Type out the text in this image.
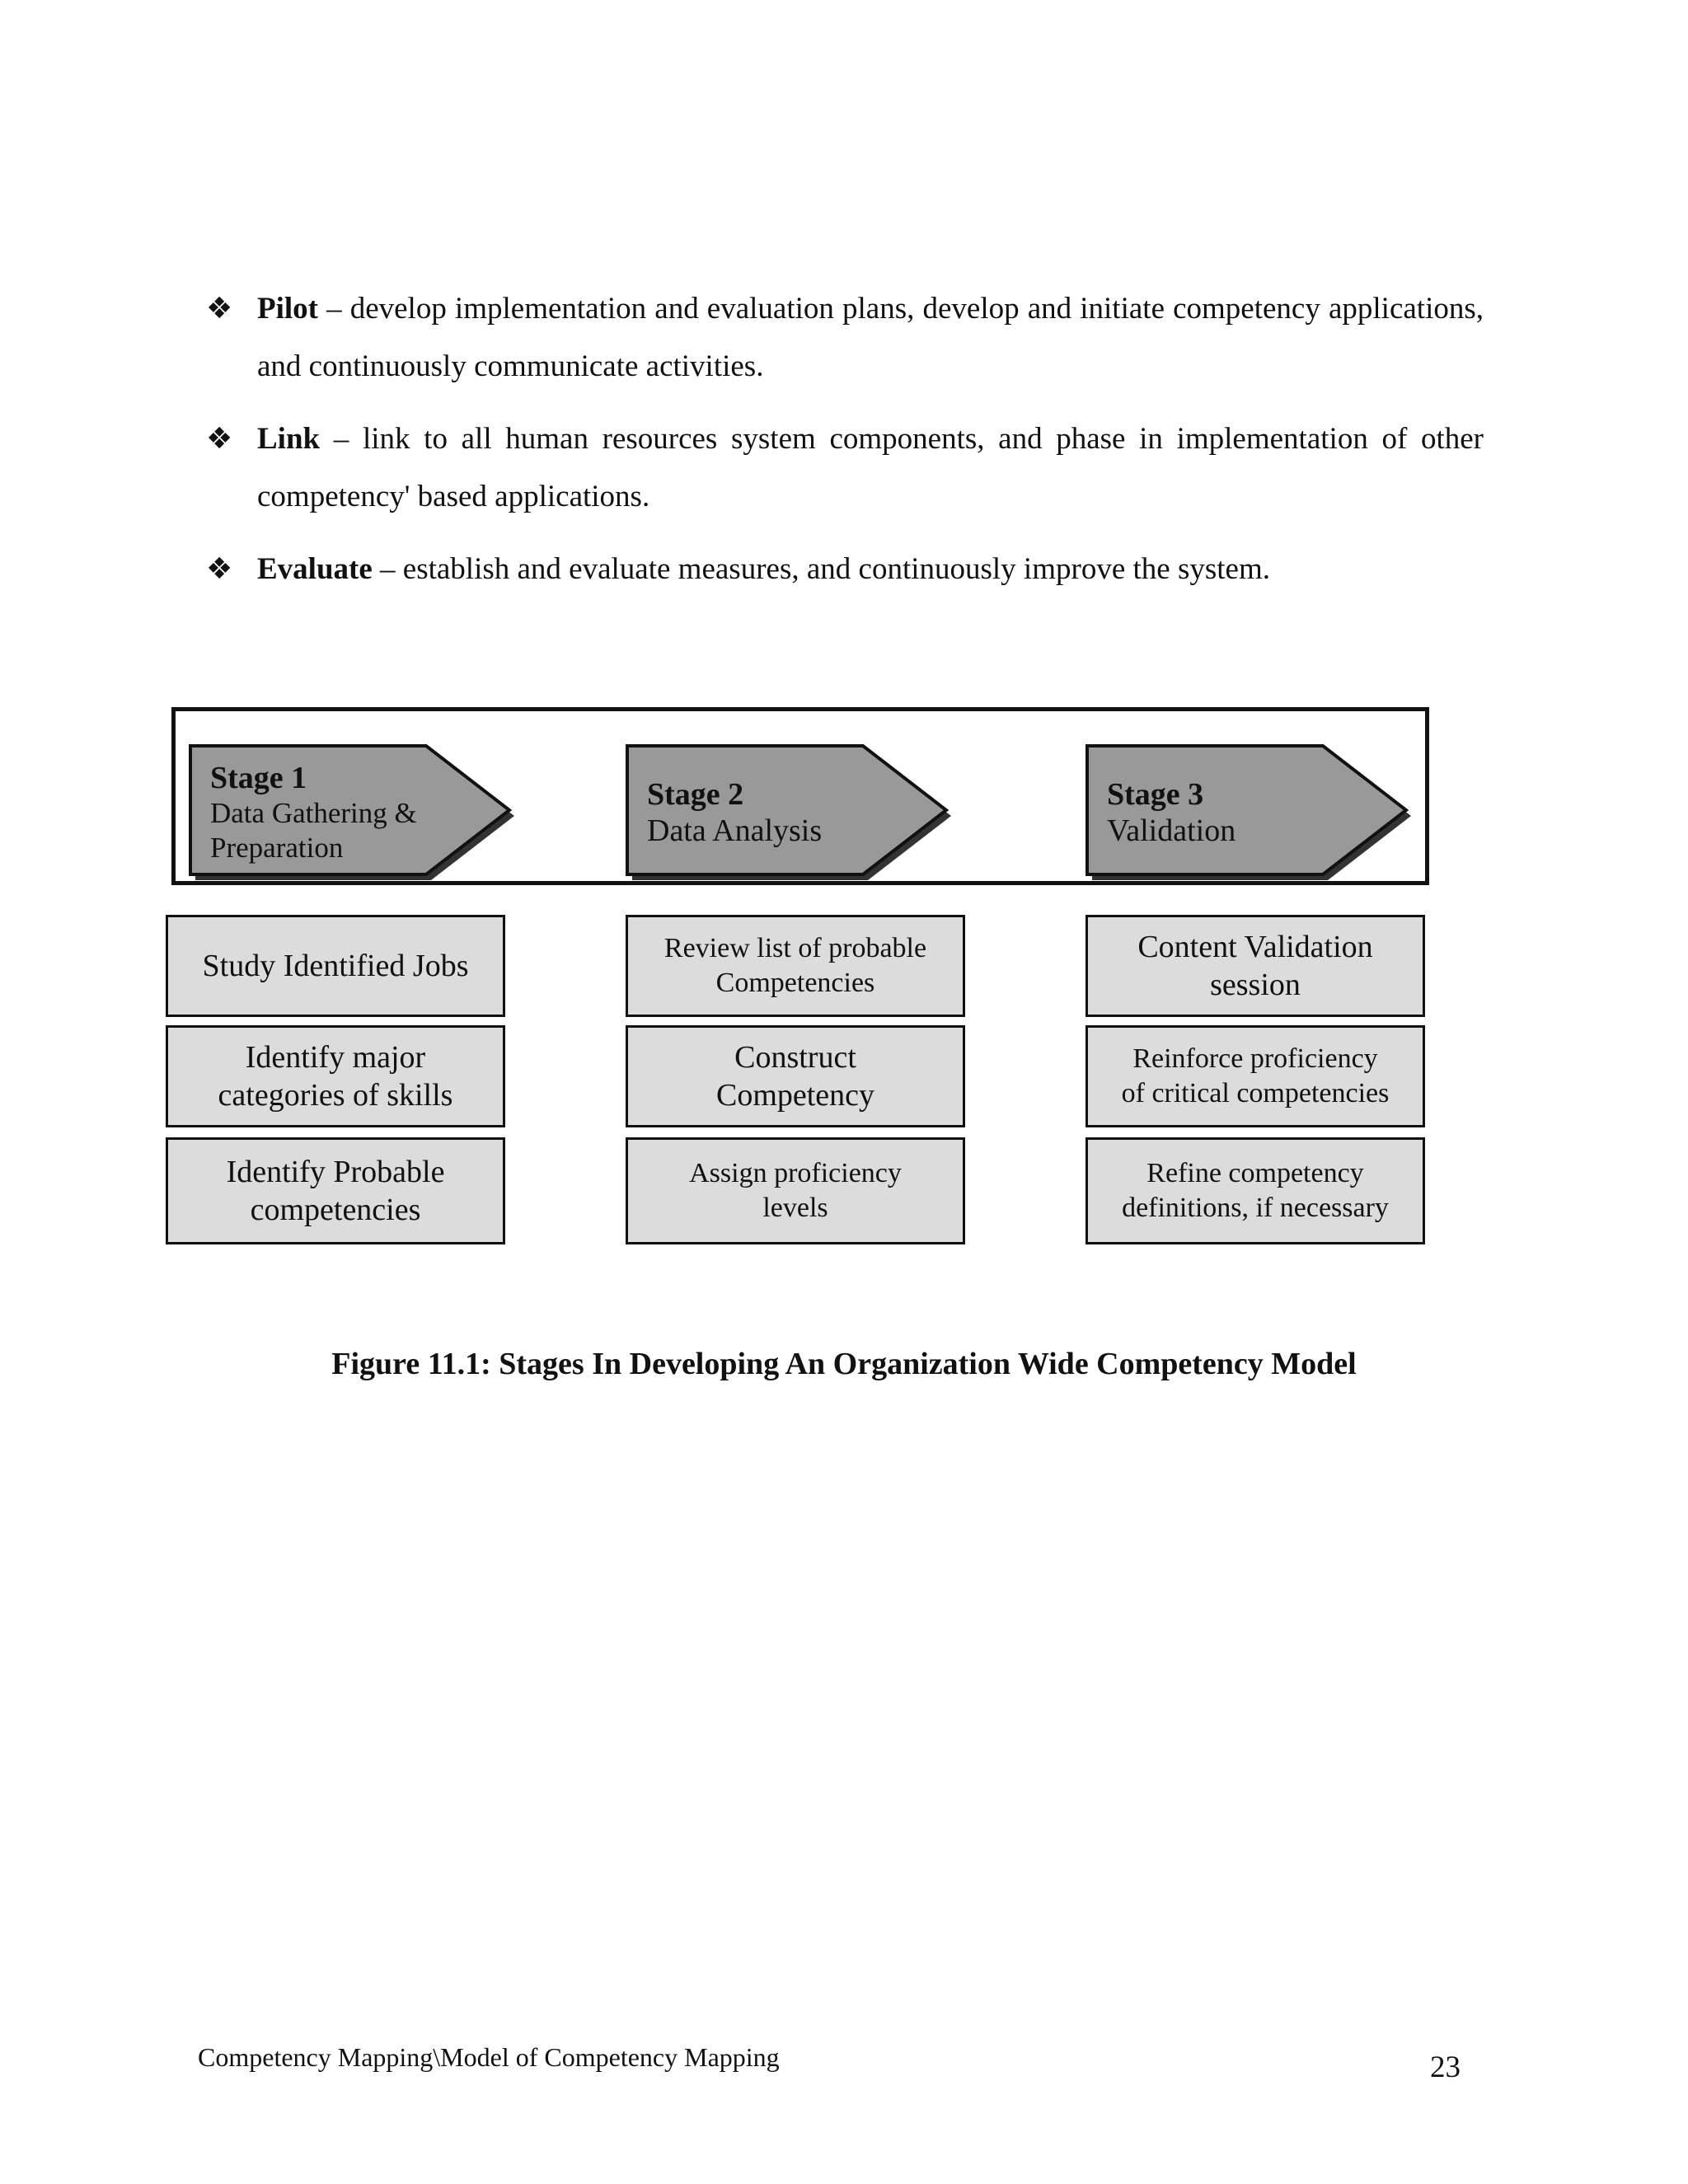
❖ Pilot – develop implementation and evaluation plans, develop and initiate competency applications, and continuously communicate activities.
❖ Link – link to all human resources system components, and phase in implementation of other competency' based applications.
❖ Evaluate – establish and evaluate measures, and continuously improve the system.
Stage 1
Data Gathering &
Preparation
Stage 2
Data Analysis
Stage 3
Validation
Study Identified Jobs
Identify major
categories of skills
Identify Probable
competencies
Review list of probable
Competencies
Construct
Competency
Assign proficiency
levels
Content Validation
session
Reinforce proficiency
of critical competencies
Refine competency
definitions, if necessary
Figure 11.1: Stages In Developing An Organization Wide Competency Model
Competency Mapping\Model of Competency Mapping	23
